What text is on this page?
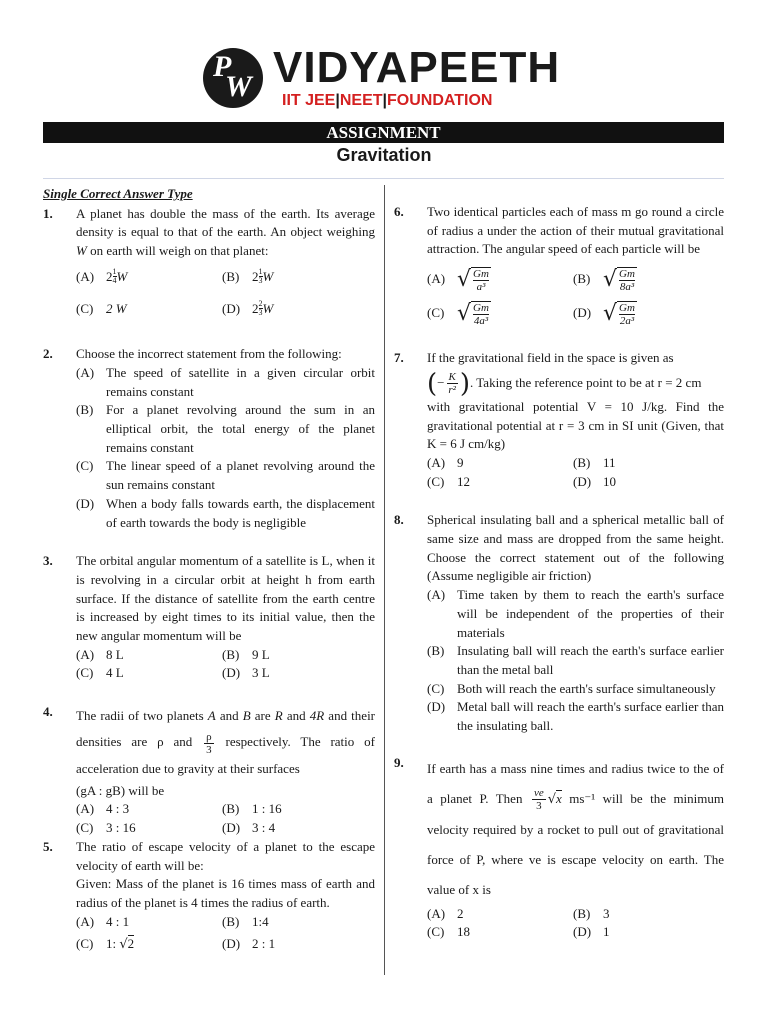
P
W VIDYAPEETH
IIT JEE|NEET|FOUNDATION
ASSIGNMENT
Gravitation
Single Correct Answer Type
1. A planet has double the mass of the earth. Its average density is equal to that of the earth. An object weighing W on earth will weigh on that planet:
(A) 2 $^{\frac{1}{4}}$ W	(B) 2 $^{\frac{1}{3}}$ W
(C) 2 W	(D) 2 $^{\frac{2}{3}}$ W
2. Choose the incorrect statement from the following:
(A) The speed of satellite in a given circular orbit remains constant
(B) For a planet revolving around the sum in an elliptical orbit, the total energy of the planet remains constant
(C) The linear speed of a planet revolving around the sun remains constant
(D) When a body falls towards earth, the displacement of earth towards the body is negligible
3. The orbital angular momentum of a satellite is L, when it is revolving in a circular orbit at height h from earth surface. If the distance of satellite from the earth centre is increased by eight times to its initial value, then the new angular momentum will be
(A) 8 L	(B) 9 L
(C) 4 L	(D) 3 L
4. The radii of two planets A and B are R and 4R and their densities are ρ and $\frac{\rho}{3}$ respectively. The ratio of acceleration due to gravity at their surfaces
(gA : gB) will be
(A) 4 : 3	(B) 1 : 16
(C) 3 : 16	(D) 3 : 4
5. The ratio of escape velocity of a planet to the escape velocity of earth will be:
Given: Mass of the planet is 16 times mass of earth and radius of the planet is 4 times the radius of earth.
(A) 4 : 1	(B) 1:4
(C) 1: √2	(D) 2 : 1
6. Two identical particles each of mass m go round a circle of radius a under the action of their mutual gravitational attraction. The angular speed of each particle will be
(A) √ Gm
a³
(B) √ Gm
8a³
(C) √ Gm
4a³
(D) √ Gm
2a³
7. If the gravitational field in the space is given as
(− $\frac{K}{\text{r²}}$ ). Taking the reference point to be at r = 2 cm
with gravitational potential V = 10 J/kg. Find the gravitational potential at r = 3 cm in SI unit (Given, that K = 6 J cm/kg)
(A) 9	(B) 11
(C) 12	(D) 10
8. Spherical insulating ball and a spherical metallic ball of same size and mass are dropped from the same height. Choose the correct statement out of the following (Assume negligible air friction)
(A) Time taken by them to reach the earth's surface will be independent of the properties of their materials
(B) Insulating ball will reach the earth's surface earlier than the metal ball
(C) Both will reach the earth's surface simultaneously
(D) Metal ball will reach the earth's surface earlier than the insulating ball.
9. If earth has a mass nine times and radius twice to the of a planet P. Then $\frac{ve}{3} √x$ ms⁻¹ will be the minimum velocity required by a rocket to pull out of gravitational force of P, where ve is escape velocity on earth. The value of x is
(A) 2	(B) 3
(C) 18	(D) 1
